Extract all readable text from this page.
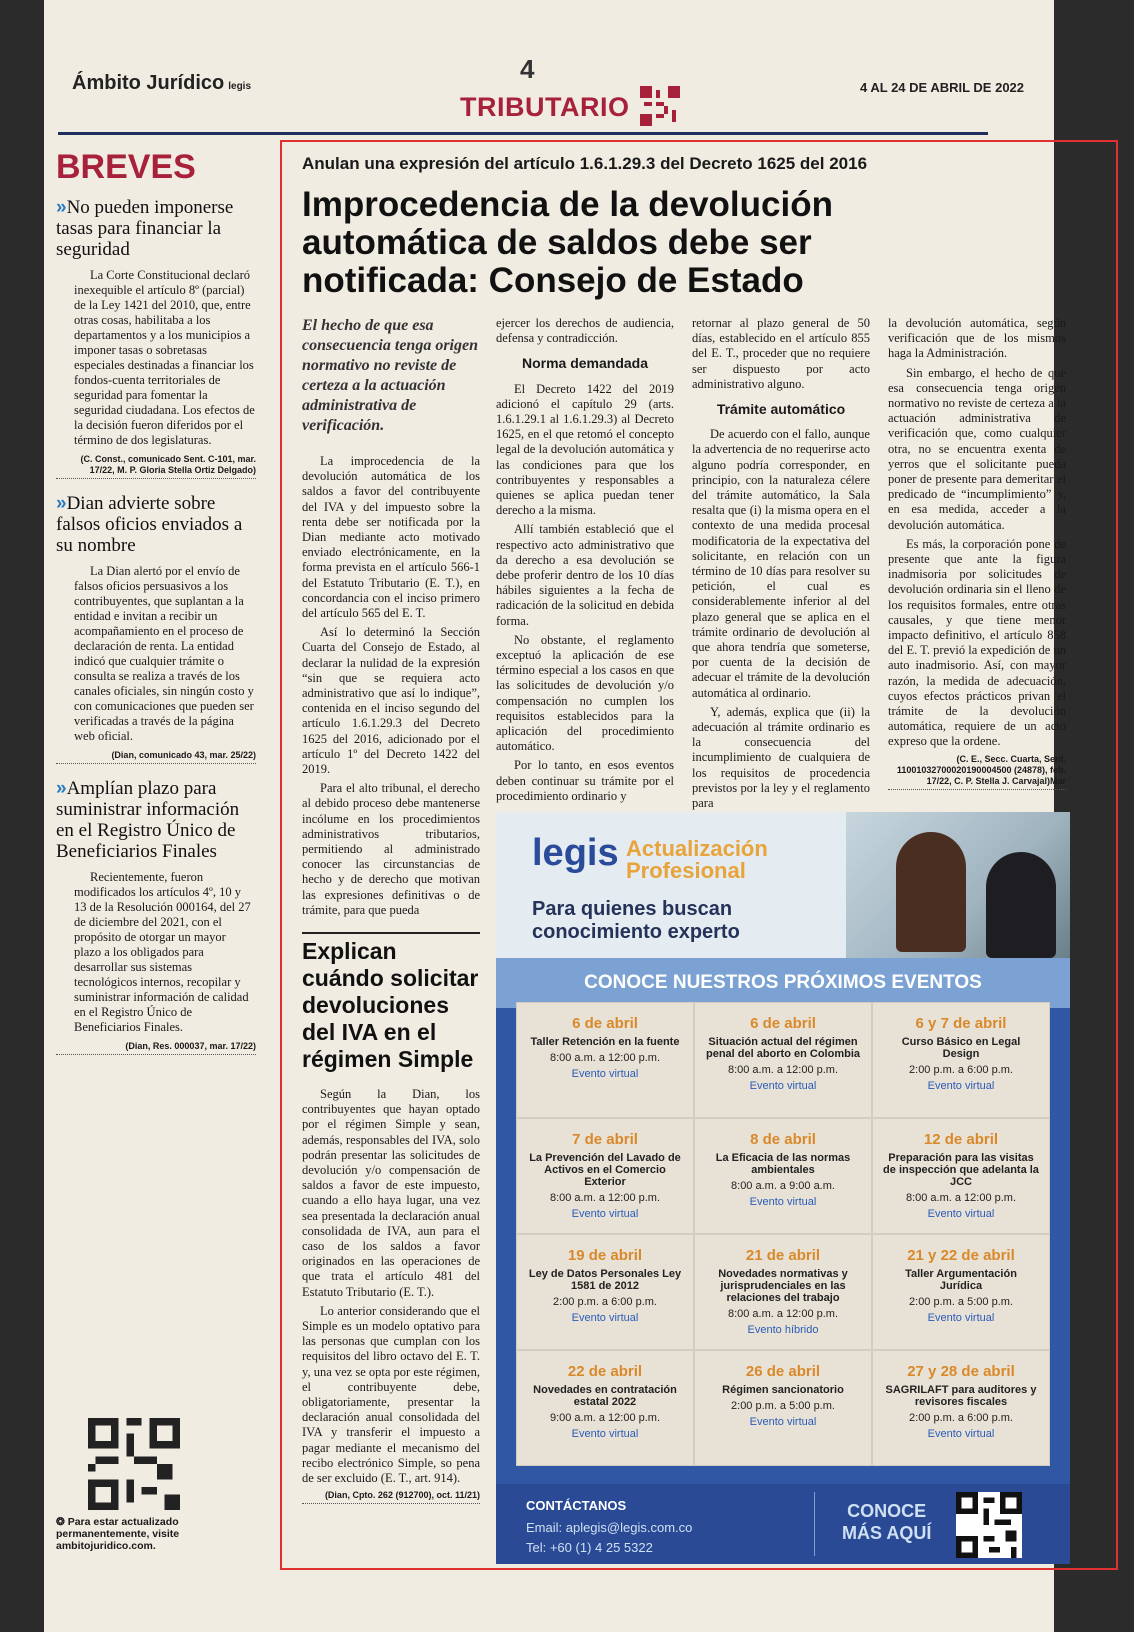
Ámbito Jurídico legis
4
TRIBUTARIO
4 AL 24 DE ABRIL DE 2022
BREVES
»No pueden imponerse tasas para financiar la seguridad

La Corte Constitucional declaró inexequible el artículo 8º (parcial) de la Ley 1421 del 2010, que, entre otras cosas, habilitaba a los departamentos y a los municipios a imponer tasas o sobretasas especiales destinadas a financiar los fondos-cuenta territoriales de seguridad para fomentar la seguridad ciudadana. Los efectos de la decisión fueron diferidos por el término de dos legislaturas.

(C. Const., comunicado Sent. C-101, mar. 17/22, M. P. Gloria Stella Ortiz Delgado)
»Dian advierte sobre falsos oficios enviados a su nombre

La Dian alertó por el envío de falsos oficios persuasivos a los contribuyentes, que suplantan a la entidad e invitan a recibir un acompañamiento en el proceso de declaración de renta. La entidad indicó que cualquier trámite o consulta se realiza a través de los canales oficiales, sin ningún costo y con comunicaciones que pueden ser verificadas a través de la página web oficial.

(Dian, comunicado 43, mar. 25/22)
»Amplían plazo para suministrar información en el Registro Único de Beneficiarios Finales

Recientemente, fueron modificados los artículos 4º, 10 y 13 de la Resolución 000164, del 27 de diciembre del 2021, con el propósito de otorgar un mayor plazo a los obligados para desarrollar sus sistemas tecnológicos internos, recopilar y suministrar información de calidad en el Registro Único de Beneficiarios Finales.

(Dian, Res. 000037, mar. 17/22)
❂ Para estar actualizado permanentemente, visite ambitojuridico.com.
Anulan una expresión del artículo 1.6.1.29.3 del Decreto 1625 del 2016
Improcedencia de la devolución automática de saldos debe ser notificada: Consejo de Estado
El hecho de que esa consecuencia tenga origen normativo no reviste de certeza a la actuación administrativa de verificación.

La improcedencia de la devolución automática de los saldos a favor del contribuyente del IVA y del impuesto sobre la renta debe ser notificada por la Dian mediante acto motivado enviado electrónicamente, en la forma prevista en el artículo 566-1 del Estatuto Tributario (E. T.), en concordancia con el inciso primero del artículo 565 del E. T.

Así lo determinó la Sección Cuarta del Consejo de Estado, al declarar la nulidad de la expresión “sin que se requiera acto administrativo que así lo indique”, contenida en el inciso segundo del artículo 1.6.1.29.3 del Decreto 1625 del 2016, adicionado por el artículo 1º del Decreto 1422 del 2019.

Para el alto tribunal, el derecho al debido proceso debe mantenerse incólume en los procedimientos administrativos tributarios, permitiendo al administrado conocer las circunstancias de hecho y de derecho que motivan las expresiones definitivas o de trámite, para que pueda

Explican cuándo solicitar devoluciones del IVA en el régimen Simple

Según la Dian, los contribuyentes que hayan optado por el régimen Simple y sean, además, responsables del IVA, solo podrán presentar las solicitudes de devolución y/o compensación de saldos a favor de este impuesto, cuando a ello haya lugar, una vez sea presentada la declaración anual consolidada de IVA, aun para el caso de los saldos a favor originados en las operaciones de que trata el artículo 481 del Estatuto Tributario (E. T.).

Lo anterior considerando que el Simple es un modelo optativo para las personas que cumplan con los requisitos del libro octavo del E. T. y, una vez se opta por este régimen, el contribuyente debe, obligatoriamente, presentar la declaración anual consolidada del IVA y transferir el impuesto a pagar mediante el mecanismo del recibo electrónico Simple, so pena de ser excluido (E. T., art. 914).

(Dian, Cpto. 262 (912700), oct. 11/21)

ejercer los derechos de audiencia, defensa y contradicción.

Norma demandada

El Decreto 1422 del 2019 adicionó el capítulo 29 (arts. 1.6.1.29.1 al 1.6.1.29.3) al Decreto 1625, en el que retomó el concepto legal de la devolución automática y las condiciones para que los contribuyentes y responsables a quienes se aplica puedan tener derecho a la misma.

Allí también estableció que el respectivo acto administrativo que da derecho a esa devolución se debe proferir dentro de los 10 días hábiles siguientes a la fecha de radicación de la solicitud en debida forma.

No obstante, el reglamento exceptuó la aplicación de ese término especial a los casos en que las solicitudes de devolución y/o compensación no cumplen los requisitos establecidos para la aplicación del procedimiento automático.

Por lo tanto, en esos eventos deben continuar su trámite por el procedimiento ordinario y

retornar al plazo general de 50 días, establecido en el artículo 855 del E. T., proceder que no requiere ser dispuesto por acto administrativo alguno.

Trámite automático

De acuerdo con el fallo, aunque la advertencia de no requerirse acto alguno podría corresponder, en principio, con la naturaleza célere del trámite automático, la Sala resalta que (i) la misma opera en el contexto de una medida procesal modificatoria de la expectativa del solicitante, en relación con un término de 10 días para resolver su petición, el cual es considerablemente inferior al del plazo general que se aplica en el trámite ordinario de devolución al que ahora tendría que someterse, por cuenta de la decisión de adecuar el trámite de la devolución automática al ordinario.

Y, además, explica que (ii) la adecuación al trámite ordinario es la consecuencia del incumplimiento de cualquiera de los requisitos de procedencia previstos por la ley y el reglamento para

la devolución automática, según verificación que de los mismos haga la Administración.

Sin embargo, el hecho de que esa consecuencia tenga origen normativo no reviste de certeza a la actuación administrativa de verificación que, como cualquier otra, no se encuentra exenta de yerros que el solicitante pueda poner de presente para demeritar el predicado de “incumplimiento” y, en esa medida, acceder a la devolución automática.

Es más, la corporación pone de presente que ante la figura inadmisoria por solicitudes de devolución ordinaria sin el lleno de los requisitos formales, entre otras causales, y que tiene menor impacto definitivo, el artículo 858 del E. T. previó la expedición de un auto inadmisorio. Así, con mayor razón, la medida de adecuación, cuyos efectos prácticos privan el trámite de la devolución automática, requiere de un acto expreso que la ordene.

(C. E., Secc. Cuarta, Sent. 11001032700020190004500 (24878), feb. 17/22, C. P. Stella J. Carvajal)Mar
legis Actualización
Profesional
Para quienes buscan
conocimiento experto
CONOCE NUESTROS PRÓXIMOS EVENTOS
6 de abril
Taller Retención en la fuente
8:00 a.m. a 12:00 p.m.
Evento virtual
6 de abril
Situación actual del régimen penal del aborto en Colombia
8:00 a.m. a 12:00 p.m.
Evento virtual
6 y 7 de abril
Curso Básico en Legal Design
2:00 p.m. a 6:00 p.m.
Evento virtual
7 de abril
La Prevención del Lavado de Activos en el Comercio Exterior
8:00 a.m. a 12:00 p.m.
Evento virtual
8 de abril
La Eficacia de las normas ambientales
8:00 a.m. a 9:00 a.m.
Evento virtual
12 de abril
Preparación para las visitas de inspección que adelanta la JCC
8:00 a.m. a 12:00 p.m.
Evento virtual
19 de abril
Ley de Datos Personales Ley 1581 de 2012
2:00 p.m. a 6:00 p.m.
Evento virtual
21 de abril
Novedades normativas y jurisprudenciales en las relaciones del trabajo
8:00 a.m. a 12:00 p.m.
Evento híbrido
21 y 22 de abril
Taller Argumentación Jurídica
2:00 p.m. a 5:00 p.m.
Evento virtual
22 de abril
Novedades en contratación estatal 2022
9:00 a.m. a 12:00 p.m.
Evento virtual
26 de abril
Régimen sancionatorio
2:00 p.m. a 5:00 p.m.
Evento virtual
27 y 28 de abril
SAGRILAFT para auditores y revisores fiscales
2:00 p.m. a 6:00 p.m.
Evento virtual
CONTÁCTANOS
Email: aplegis@legis.com.co
Tel: +60 (1) 4 25 5322
CONOCE
MÁS AQUÍ
